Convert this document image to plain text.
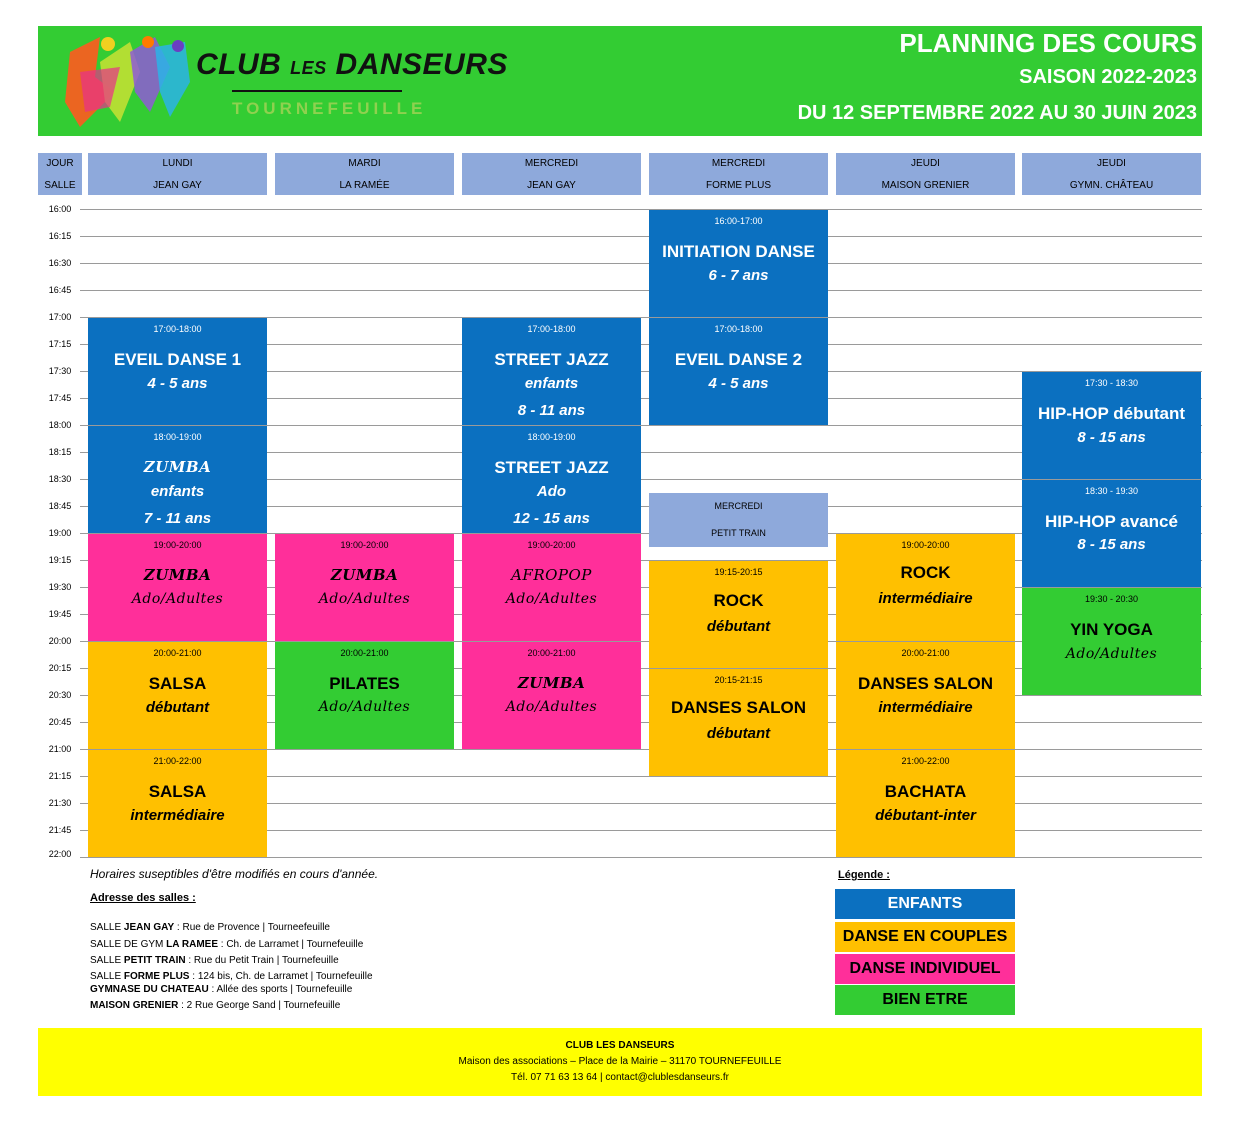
CLUB LES DANSEURS
TOURNEFEUILLE
PLANNING DES COURS
SAISON 2022-2023
DU 12 SEPTEMBRE 2022 AU 30 JUIN 2023
JOUR
SALLE
LUNDI
JEAN GAY
MARDI
LA RAMÉE
MERCREDI
JEAN GAY
MERCREDI
FORME PLUS
JEUDI
MAISON GRENIER
JEUDI
GYMN. CHÂTEAU
16:00
16:15
16:30
16:45
17:00
17:15
17:30
17:45
18:00
18:15
18:30
18:45
19:00
19:15
19:30
19:45
20:00
20:15
20:30
20:45
21:00
21:15
21:30
21:45
22:00
17:00-18:00
EVEIL DANSE 1
4 - 5 ans
18:00-19:00
ZUMBA
enfants
7 - 11 ans
19:00-20:00
ZUMBA
Ado/Adultes
20:00-21:00
SALSA
débutant
21:00-22:00
SALSA
intermédiaire
19:00-20:00
ZUMBA
Ado/Adultes
20:00-21:00
PILATES
Ado/Adultes
17:00-18:00
STREET JAZZ
enfants
8 - 11 ans
18:00-19:00
STREET JAZZ
Ado
12 - 15 ans
19:00-20:00
AFROPOP
Ado/Adultes
20:00-21:00
ZUMBA
Ado/Adultes
16:00-17:00
INITIATION DANSE
6 - 7 ans
17:00-18:00
EVEIL DANSE 2
4 - 5 ans
MERCREDI
PETIT TRAIN
19:15-20:15
ROCK
débutant
20:15-21:15
DANSES SALON
débutant
19:00-20:00
ROCK
intermédiaire
20:00-21:00
DANSES SALON
intermédiaire
21:00-22:00
BACHATA
débutant-inter
17:30 - 18:30
HIP-HOP débutant
8 - 15 ans
18:30 - 19:30
HIP-HOP avancé
8 - 15 ans
19:30 - 20:30
YIN YOGA
Ado/Adultes
Horaires suseptibles d'être modifiés en cours d'année.
Adresse des salles :
SALLE JEAN GAY : Rue de Provence | Tourneefeuille
SALLE DE GYM LA RAMEE : Ch. de Larramet | Tournefeuille
SALLE PETIT TRAIN : Rue du Petit Train | Tournefeuille
SALLE FORME PLUS : 124 bis, Ch. de Larramet | Tournefeuille
GYMNASE DU CHATEAU : Allée des sports | Tournefeuille
MAISON GRENIER : 2 Rue George Sand | Tournefeuille
Légende :
ENFANTS
DANSE EN COUPLES
DANSE INDIVIDUEL
BIEN ETRE
CLUB LES DANSEURS
Maison des associations – Place de la Mairie – 31170 TOURNEFEUILLE
Tél. 07 71 63 13 64 | contact@clublesdanseurs.fr
